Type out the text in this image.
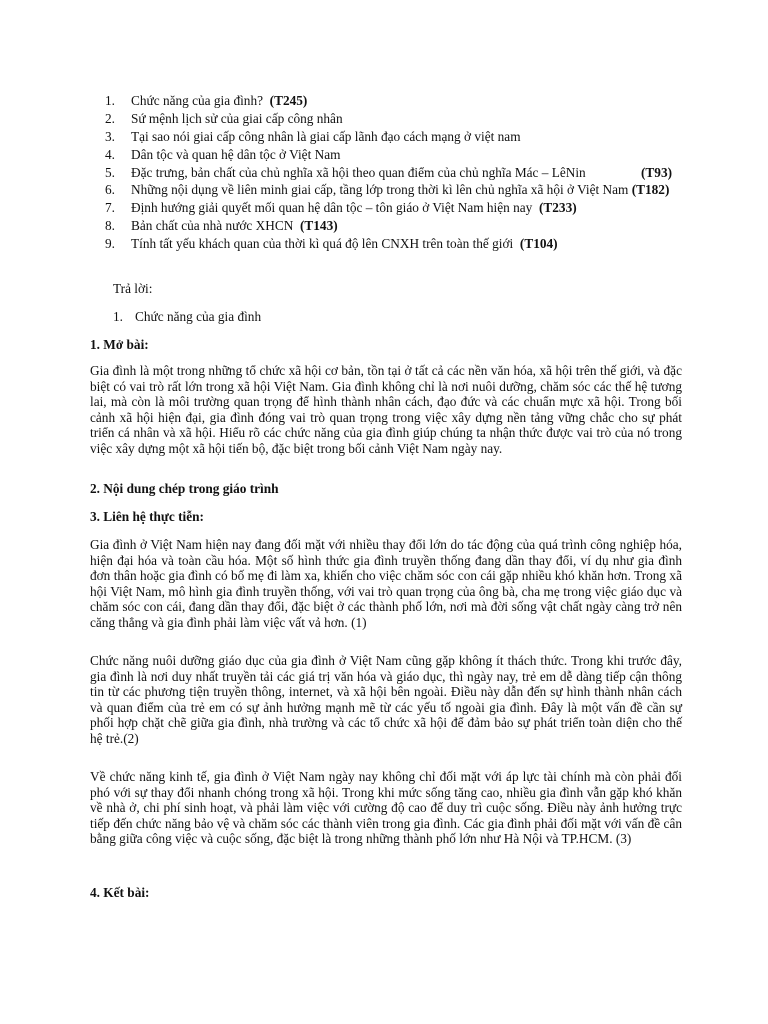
1. Chức năng của gia đình? (T245)
2. Sứ mệnh lịch sử của giai cấp công nhân
3. Tại sao nói giai cấp công nhân là giai cấp lãnh đạo cách mạng ở việt nam
4. Dân tộc và quan hệ dân tộc ở Việt Nam
5. Đặc trưng, bản chất của chủ nghĩa xã hội theo quan điểm của chủ nghĩa Mác – LêNin	(T93)
6. Những nội dụng về liên minh giai cấp, tầng lớp trong thời kì lên chủ nghĩa xã hội ở Việt Nam (T182)
7. Định hướng giải quyết mối quan hệ dân tộc – tôn giáo ở Việt Nam hiện nay (T233)
8. Bản chất của nhà nước XHCN (T143)
9. Tính tất yếu khách quan của thời kì quá độ lên CNXH trên toàn thế giới (T104)
Trả lời:
1. Chức năng của gia đình
1. Mở bài:

Gia đình là một trong những tổ chức xã hội cơ bản, tồn tại ở tất cả các nền văn hóa, xã hội trên thế giới, và đặc biệt có vai trò rất lớn trong xã hội Việt Nam. Gia đình không chỉ là nơi nuôi dưỡng, chăm sóc các thế hệ tương lai, mà còn là môi trường quan trọng để hình thành nhân cách, đạo đức và các chuẩn mực xã hội. Trong bối cảnh xã hội hiện đại, gia đình đóng vai trò quan trọng trong việc xây dựng nền tảng vững chắc cho sự phát triển cá nhân và xã hội. Hiểu rõ các chức năng của gia đình giúp chúng ta nhận thức được vai trò của nó trong việc xây dựng một xã hội tiến bộ, đặc biệt trong bối cảnh Việt Nam ngày nay.

2. Nội dung chép trong giáo trình
3. Liên hệ thực tiễn:

Gia đình ở Việt Nam hiện nay đang đối mặt với nhiều thay đổi lớn do tác động của quá trình công nghiệp hóa, hiện đại hóa và toàn cầu hóa. Một số hình thức gia đình truyền thống đang dần thay đổi, ví dụ như gia đình đơn thân hoặc gia đình có bố mẹ đi làm xa, khiến cho việc chăm sóc con cái gặp nhiều khó khăn hơn. Trong xã hội Việt Nam, mô hình gia đình truyền thống, với vai trò quan trọng của ông bà, cha mẹ trong việc giáo dục và chăm sóc con cái, đang dần thay đổi, đặc biệt ở các thành phố lớn, nơi mà đời sống vật chất ngày càng trở nên căng thẳng và gia đình phải làm việc vất vả hơn. (1)

Chức năng nuôi dưỡng giáo dục của gia đình ở Việt Nam cũng gặp không ít thách thức. Trong khi trước đây, gia đình là nơi duy nhất truyền tải các giá trị văn hóa và giáo dục, thì ngày nay, trẻ em dễ dàng tiếp cận thông tin từ các phương tiện truyền thông, internet, và xã hội bên ngoài. Điều này dẫn đến sự hình thành nhân cách và quan điểm của trẻ em có sự ảnh hưởng mạnh mẽ từ các yếu tố ngoài gia đình. Đây là một vấn đề cần sự phối hợp chặt chẽ giữa gia đình, nhà trường và các tổ chức xã hội để đảm bảo sự phát triển toàn diện cho thế hệ trẻ.(2)

Về chức năng kinh tế, gia đình ở Việt Nam ngày nay không chỉ đối mặt với áp lực tài chính mà còn phải đối phó với sự thay đổi nhanh chóng trong xã hội. Trong khi mức sống tăng cao, nhiều gia đình vẫn gặp khó khăn về nhà ở, chi phí sinh hoạt, và phải làm việc với cường độ cao để duy trì cuộc sống. Điều này ảnh hưởng trực tiếp đến chức năng bảo vệ và chăm sóc các thành viên trong gia đình. Các gia đình phải đối mặt với vấn đề cân bằng giữa công việc và cuộc sống, đặc biệt là trong những thành phố lớn như Hà Nội và TP.HCM. (3)

4. Kết bài:
